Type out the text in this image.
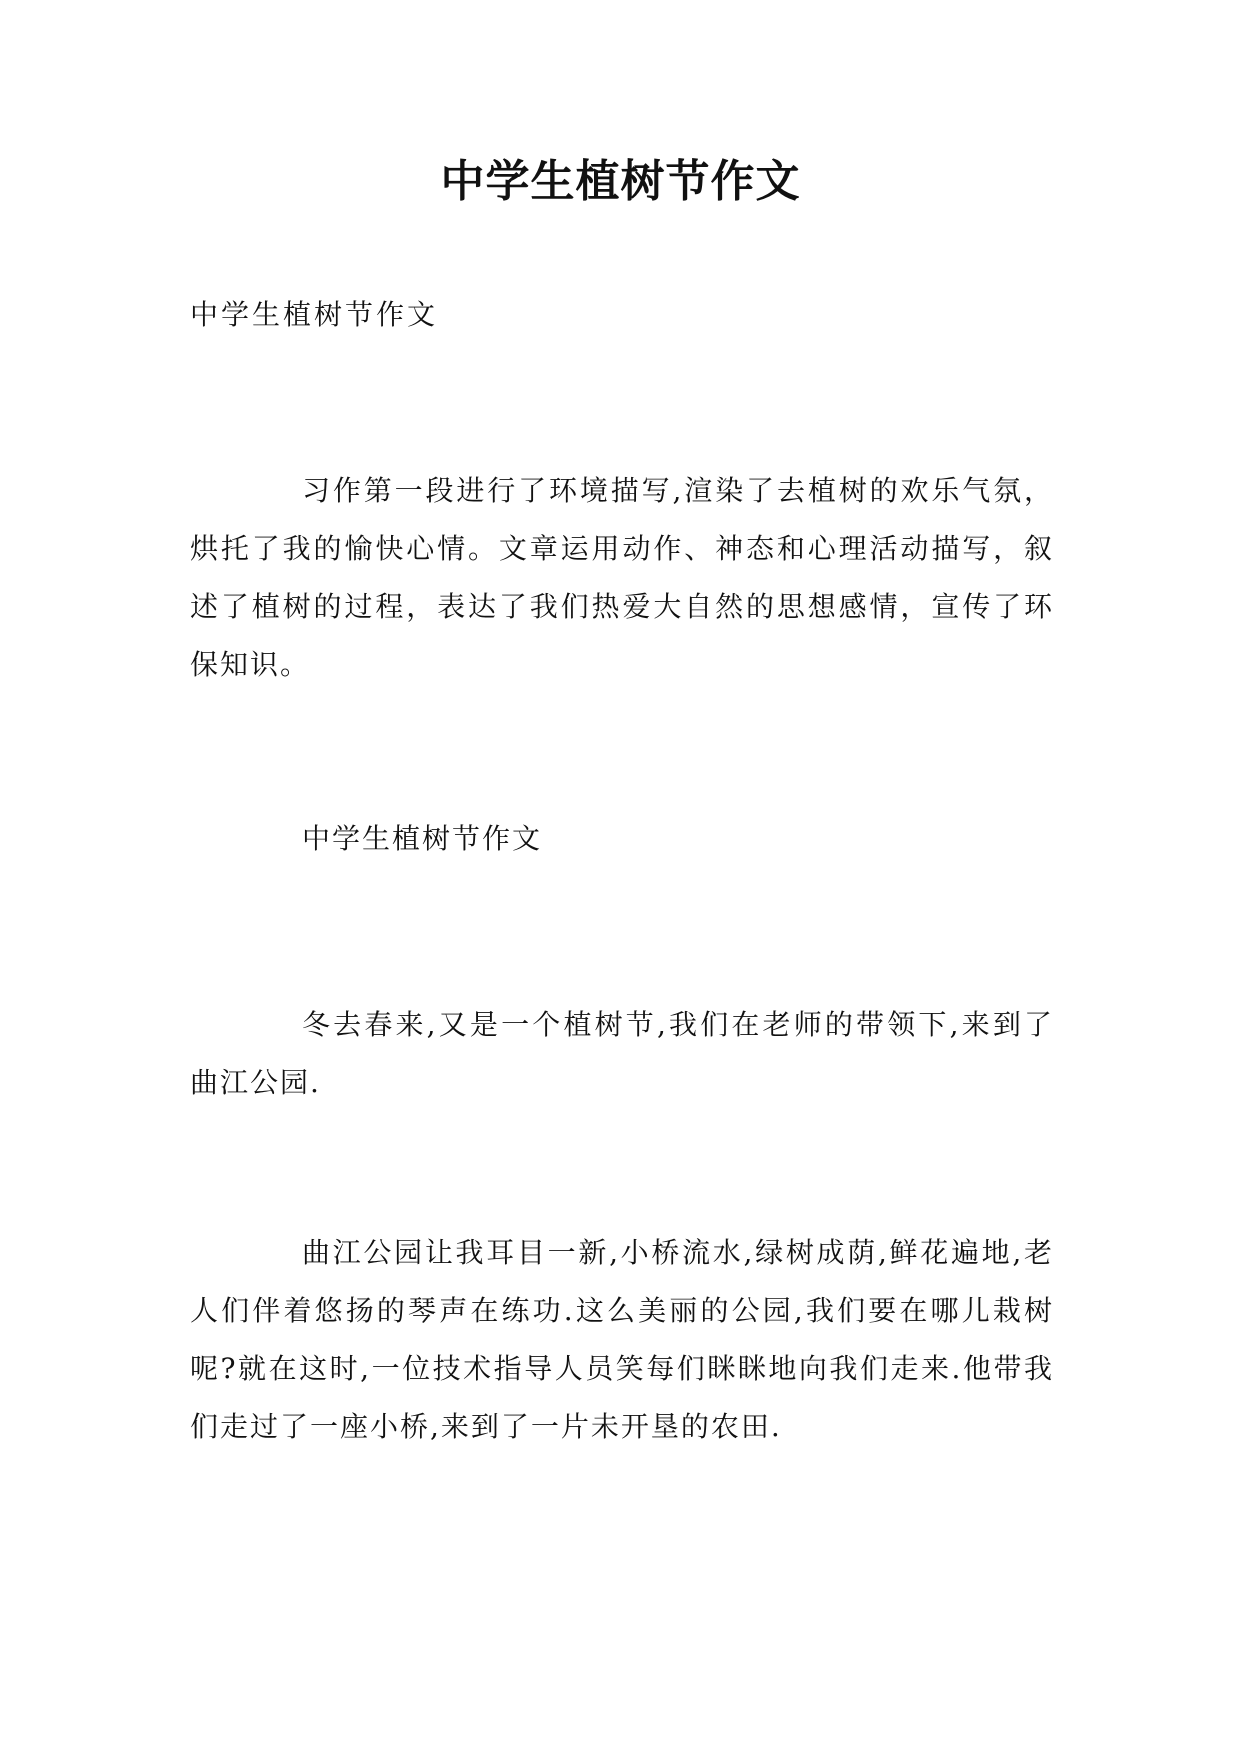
中学生植树节作文

中学生植树节作文

习作第一段进行了环境描写,渲染了去植树的欢乐气氛，烘托了我的愉快心情。文章运用动作、神态和心理活动描写，叙述了植树的过程，表达了我们热爱大自然的思想感情，宣传了环保知识。

中学生植树节作文

冬去春来,又是一个植树节,我们在老师的带领下,来到了曲江公园.

曲江公园让我耳目一新,小桥流水,绿树成荫,鲜花遍地,老人们伴着悠扬的琴声在练功.这么美丽的公园,我们要在哪儿栽树呢?就在这时,一位技术指导人员笑每们眯眯地向我们走来.他带我们走过了一座小桥,来到了一片未开垦的农田.
